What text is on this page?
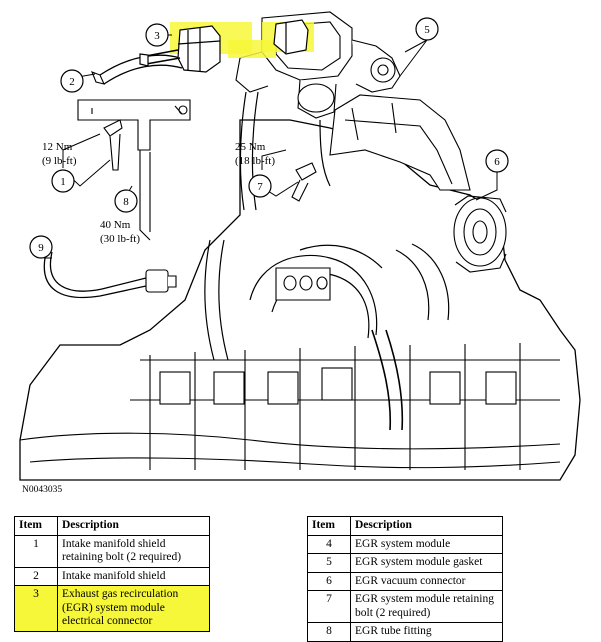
3
2
1
8
7
5
6
9
12 Nm
(9 lb-ft)
25 Nm
(18 lb-ft)
40 Nm
(30 lb-ft)
N0043035
Item	Description
1	Intake manifold shield retaining bolt (2 required)
2	Intake manifold shield
3	Exhaust gas recirculation (EGR) system module electrical connector
Item	Description
4	EGR system module
5	EGR system module gasket
6	EGR vacuum connector
7	EGR system module retaining bolt (2 required)
8	EGR tube fitting
